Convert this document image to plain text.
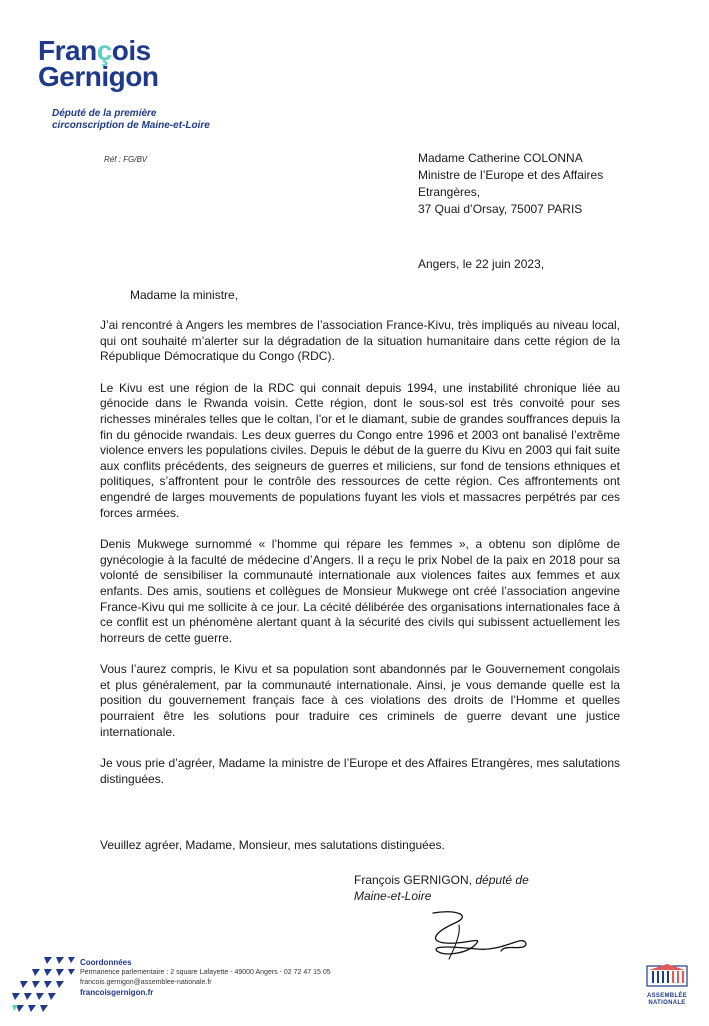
François
Gernigon
Député de la première
circonscription de Maine-et-Loire
Réf : FG/BV	Madame Catherine COLONNA
Ministre de l’Europe et des Affaires
Etrangères,
37 Quai d’Orsay, 75007 PARIS
Angers, le 22 juin 2023,
Madame la ministre,

J’ai rencontré à Angers les membres de l’association France-Kivu, très impliqués au niveau local, qui ont souhaité m’alerter sur la dégradation de la situation humanitaire dans cette région de la République Démocratique du Congo (RDC).

Le Kivu est une région de la RDC qui connait depuis 1994, une instabilité chronique liée au génocide dans le Rwanda voisin. Cette région, dont le sous-sol est très convoité pour ses richesses minérales telles que le coltan, l’or et le diamant, subie de grandes souffrances depuis la fin du génocide rwandais. Les deux guerres du Congo entre 1996 et 2003 ont banalisé l’extrême violence envers les populations civiles. Depuis le début de la guerre du Kivu en 2003 qui fait suite aux conflits précédents, des seigneurs de guerres et miliciens, sur fond de tensions ethniques et politiques, s’affrontent pour le contrôle des ressources de cette région. Ces affrontements ont engendré de larges mouvements de populations fuyant les viols et massacres perpétrés par ces forces armées.

Denis Mukwege surnommé « l’homme qui répare les femmes », a obtenu son diplôme de gynécologie à la faculté de médecine d’Angers. Il a reçu le prix Nobel de la paix en 2018 pour sa volonté de sensibiliser la communauté internationale aux violences faites aux femmes et aux enfants. Des amis, soutiens et collègues de Monsieur Mukwege ont créé l’association angevine France-Kivu qui me sollicite à ce jour. La cécité délibérée des organisations internationales face à ce conflit est un phénomène alertant quant à la sécurité des civils qui subissent actuellement les horreurs de cette guerre.

Vous l’aurez compris, le Kivu et sa population sont abandonnés par le Gouvernement congolais et plus généralement, par la communauté internationale. Ainsi, je vous demande quelle est la position du gouvernement français face à ces violations des droits de l’Homme et quelles pourraient être les solutions pour traduire ces criminels de guerre devant une justice internationale.

Je vous prie d’agréer, Madame la ministre de l’Europe et des Affaires Etrangères, mes salutations distinguées.

Veuillez agréer, Madame, Monsieur, mes salutations distinguées.
François GERNIGON, député de
Maine-et-Loire
Coordonnées
Permanence parlementaire : 2 square Lafayette - 49000 Angers - 02 72 47 15 05
francois.gernigon@assemblee-nationale.fr
francoisgernigon.fr	ASSEMBLÉE
NATIONALE
